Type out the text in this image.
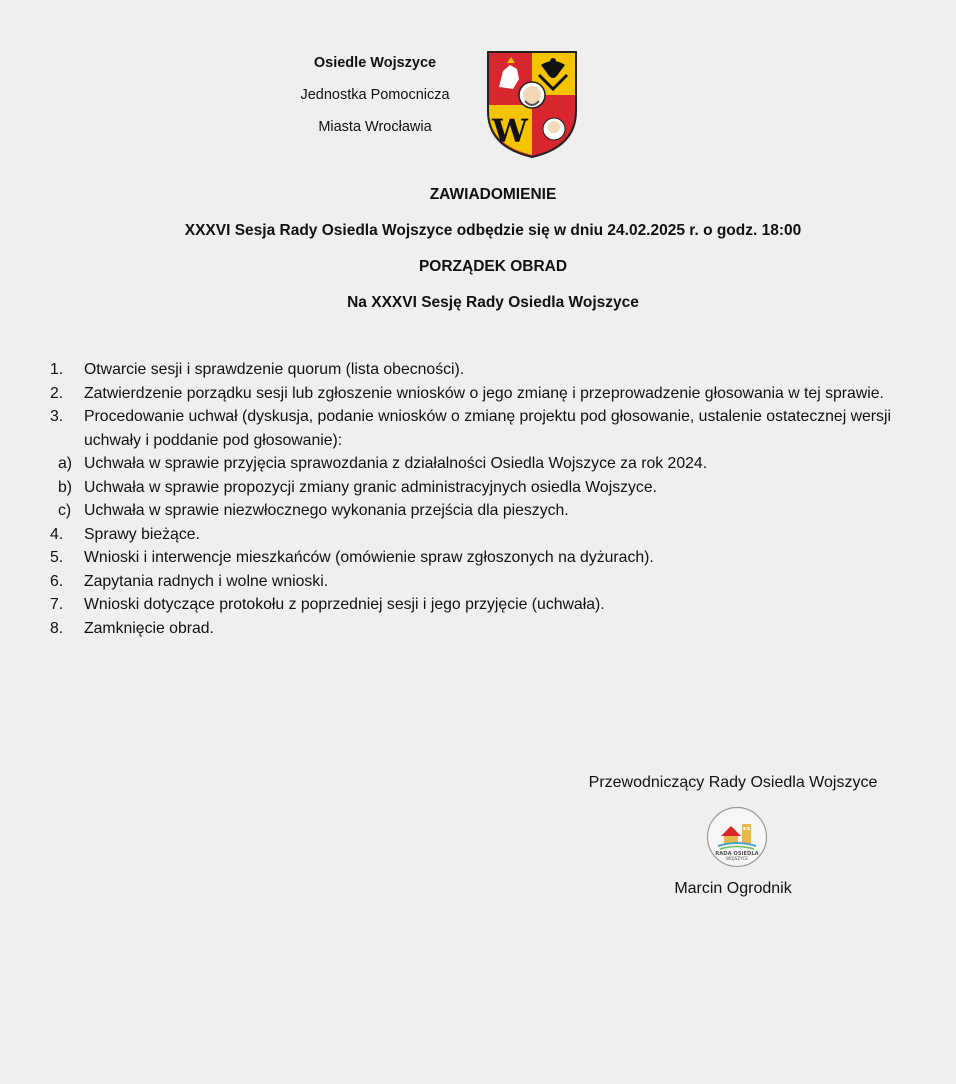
Osiedle Wojszyce
Jednostka Pomocnicza
Miasta Wrocławia	W
ZAWIADOMIENIE
XXXVI Sesja Rady Osiedla Wojszyce odbędzie się w dniu 24.02.2025 r. o godz. 18:00
PORZĄDEK OBRAD
Na XXXVI Sesję Rady Osiedla Wojszyce
1.	Otwarcie sesji i sprawdzenie quorum (lista obecności).
2.	Zatwierdzenie porządku sesji lub zgłoszenie wniosków o jego zmianę i przeprowadzenie głosowania w tej sprawie.
3.	Procedowanie uchwał (dyskusja, podanie wniosków o zmianę projektu pod głosowanie, ustalenie ostatecznej wersji uchwały i poddanie pod głosowanie):
a) Uchwała w sprawie przyjęcia sprawozdania z działalności Osiedla Wojszyce za rok 2024.
b) Uchwała w sprawie propozycji zmiany granic administracyjnych osiedla Wojszyce.
c) Uchwała w sprawie niezwłocznego wykonania przejścia dla pieszych.
4.	Sprawy bieżące.
5.	Wnioski i interwencje mieszkańców (omówienie spraw zgłoszonych na dyżurach).
6.	Zapytania radnych i wolne wnioski.
7.	Wnioski dotyczące protokołu z poprzedniej sesji i jego przyjęcie (uchwała).
8.	Zamknięcie obrad.
Przewodniczący Rady Osiedla Wojszyce
RADA OSIEDLA
WOJSZYCE
Marcin Ogrodnik
